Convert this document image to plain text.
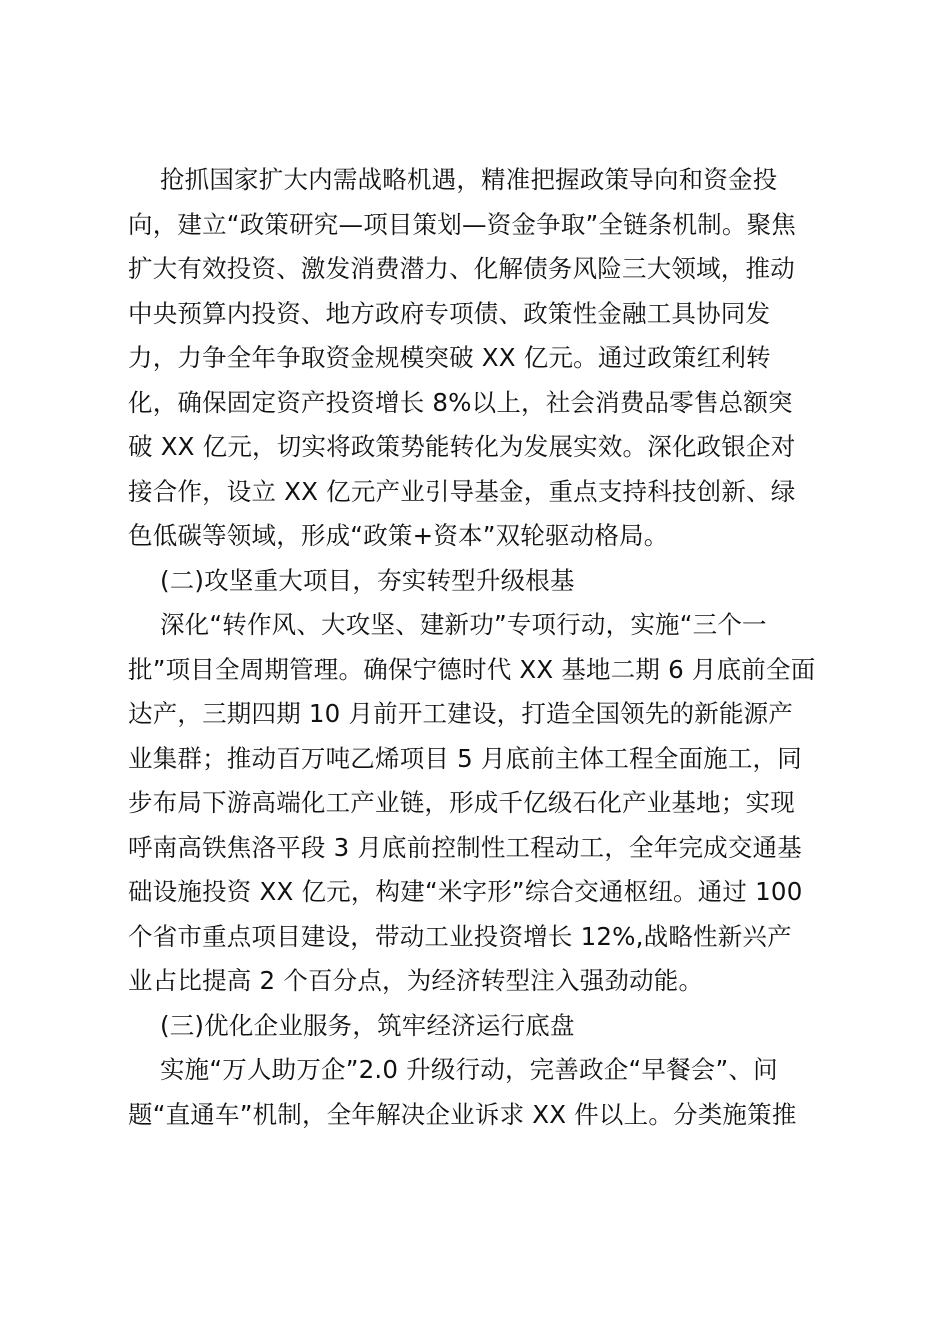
抢抓国家扩大内需战略机遇，精准把握政策导向和资金投
向，建立“政策研究—项目策划—资金争取”全链条机制。聚焦
扩大有效投资、激发消费潜力、化解债务风险三大领域，推动
中央预算内投资、地方政府专项债、政策性金融工具协同发
力，力争全年争取资金规模突破 XX 亿元。通过政策红利转
化，确保固定资产投资增长 8%以上，社会消费品零售总额突
破 XX 亿元，切实将政策势能转化为发展实效。深化政银企对
接合作，设立 XX 亿元产业引导基金，重点支持科技创新、绿
色低碳等领域，形成“政策+资本”双轮驱动格局。
(二)攻坚重大项目，夯实转型升级根基
深化“转作风、大攻坚、建新功”专项行动，实施“三个一
批”项目全周期管理。确保宁德时代 XX 基地二期 6 月底前全面
达产，三期四期 10 月前开工建设，打造全国领先的新能源产
业集群；推动百万吨乙烯项目 5 月底前主体工程全面施工，同
步布局下游高端化工产业链，形成千亿级石化产业基地；实现
呼南高铁焦洛平段 3 月底前控制性工程动工，全年完成交通基
础设施投资 XX 亿元，构建“米字形”综合交通枢纽。通过 100
个省市重点项目建设，带动工业投资增长 12%,战略性新兴产
业占比提高 2 个百分点，为经济转型注入强劲动能。
(三)优化企业服务，筑牢经济运行底盘
实施“万人助万企”2.0 升级行动，完善政企“早餐会”、问
题“直通车”机制，全年解决企业诉求 XX 件以上。分类施策推
